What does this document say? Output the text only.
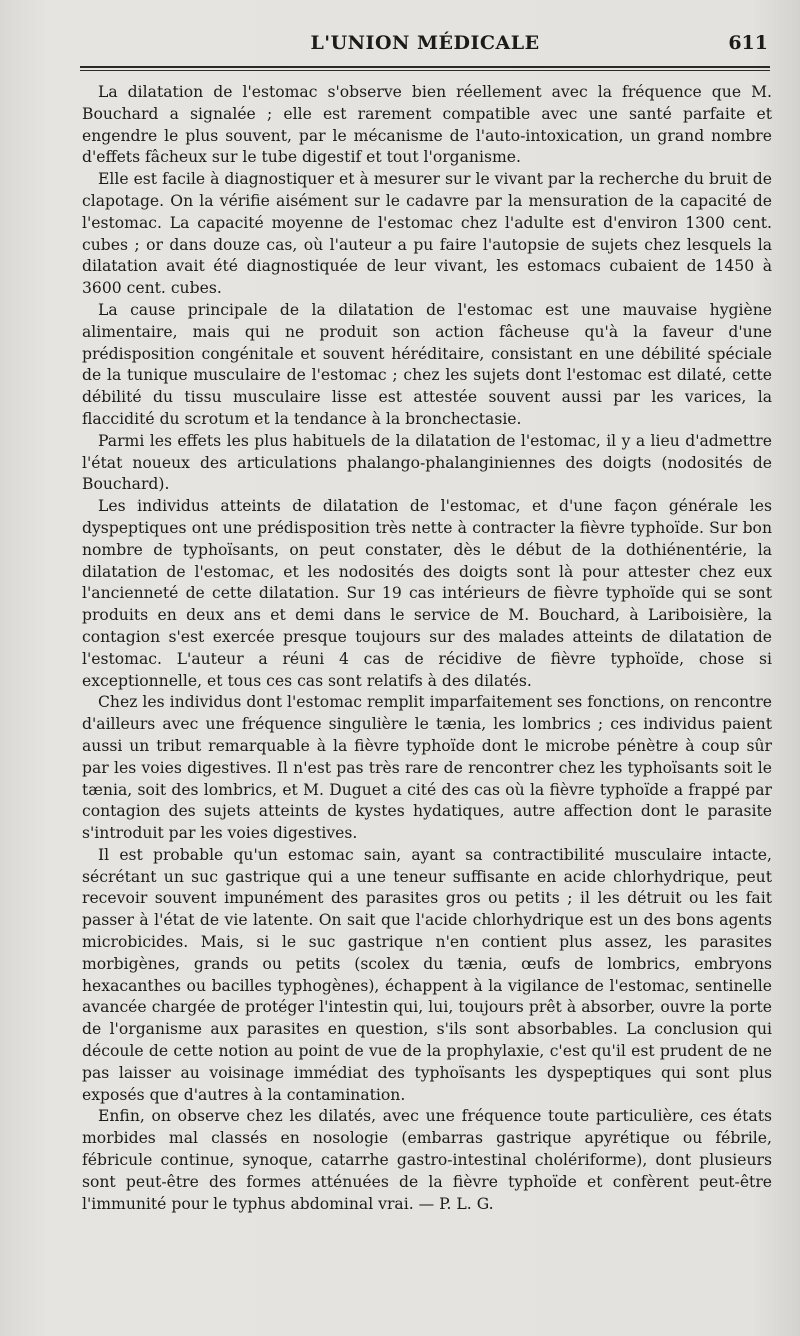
L'UNION MÉDICALE	611

La dilatation de l'estomac s'observe bien réellement avec la fréquence que M. Bouchard a signalée ; elle est rarement compatible avec une santé parfaite et engendre le plus souvent, par le mécanisme de l'auto-intoxication, un grand nombre d'effets fâcheux sur le tube digestif et tout l'organisme.

Elle est facile à diagnostiquer et à mesurer sur le vivant par la recherche du bruit de clapotage. On la vérifie aisément sur le cadavre par la mensuration de la capacité de l'estomac. La capacité moyenne de l'estomac chez l'adulte est d'environ 1300 cent. cubes ; or dans douze cas, où l'auteur a pu faire l'autopsie de sujets chez lesquels la dilatation avait été diagnostiquée de leur vivant, les estomacs cubaient de 1450 à 3600 cent. cubes.

La cause principale de la dilatation de l'estomac est une mauvaise hygiène alimentaire, mais qui ne produit son action fâcheuse qu'à la faveur d'une prédisposition congénitale et souvent héréditaire, consistant en une débilité spéciale de la tunique musculaire de l'estomac ; chez les sujets dont l'estomac est dilaté, cette débilité du tissu musculaire lisse est attestée souvent aussi par les varices, la flaccidité du scrotum et la tendance à la bronchectasie.

Parmi les effets les plus habituels de la dilatation de l'estomac, il y a lieu d'admettre l'état noueux des articulations phalango-phalanginiennes des doigts (nodosités de Bouchard).

Les individus atteints de dilatation de l'estomac, et d'une façon générale les dyspeptiques ont une prédisposition très nette à contracter la fièvre typhoïde. Sur bon nombre de typhoïsants, on peut constater, dès le début de la dothiénentérie, la dilatation de l'estomac, et les nodosités des doigts sont là pour attester chez eux l'ancienneté de cette dilatation. Sur 19 cas intérieurs de fièvre typhoïde qui se sont produits en deux ans et demi dans le service de M. Bouchard, à Lariboisière, la contagion s'est exercée presque toujours sur des malades atteints de dilatation de l'estomac. L'auteur a réuni 4 cas de récidive de fièvre typhoïde, chose si exceptionnelle, et tous ces cas sont relatifs à des dilatés.

Chez les individus dont l'estomac remplit imparfaitement ses fonctions, on rencontre d'ailleurs avec une fréquence singulière le tænia, les lombrics ; ces individus paient aussi un tribut remarquable à la fièvre typhoïde dont le microbe pénètre à coup sûr par les voies digestives. Il n'est pas très rare de rencontrer chez les typhoïsants soit le tænia, soit des lombrics, et M. Duguet a cité des cas où la fièvre typhoïde a frappé par contagion des sujets atteints de kystes hydatiques, autre affection dont le parasite s'introduit par les voies digestives.

Il est probable qu'un estomac sain, ayant sa contractibilité musculaire intacte, sécrétant un suc gastrique qui a une teneur suffisante en acide chlorhydrique, peut recevoir souvent impunément des parasites gros ou petits ; il les détruit ou les fait passer à l'état de vie latente. On sait que l'acide chlorhydrique est un des bons agents microbicides. Mais, si le suc gastrique n'en contient plus assez, les parasites morbigènes, grands ou petits (scolex du tænia, œufs de lombrics, embryons hexacanthes ou bacilles typhogènes), échappent à la vigilance de l'estomac, sentinelle avancée chargée de protéger l'intestin qui, lui, toujours prêt à absorber, ouvre la porte de l'organisme aux parasites en question, s'ils sont absorbables. La conclusion qui découle de cette notion au point de vue de la prophylaxie, c'est qu'il est prudent de ne pas laisser au voisinage immédiat des typhoïsants les dyspeptiques qui sont plus exposés que d'autres à la contamination.

Enfin, on observe chez les dilatés, avec une fréquence toute particulière, ces états morbides mal classés en nosologie (embarras gastrique apyrétique ou fébrile, fébricule continue, synoque, catarrhe gastro-intestinal cholériforme), dont plusieurs sont peut-être des formes atténuées de la fièvre typhoïde et confèrent peut-être l'immunité pour le typhus abdominal vrai. — P. L. G.
